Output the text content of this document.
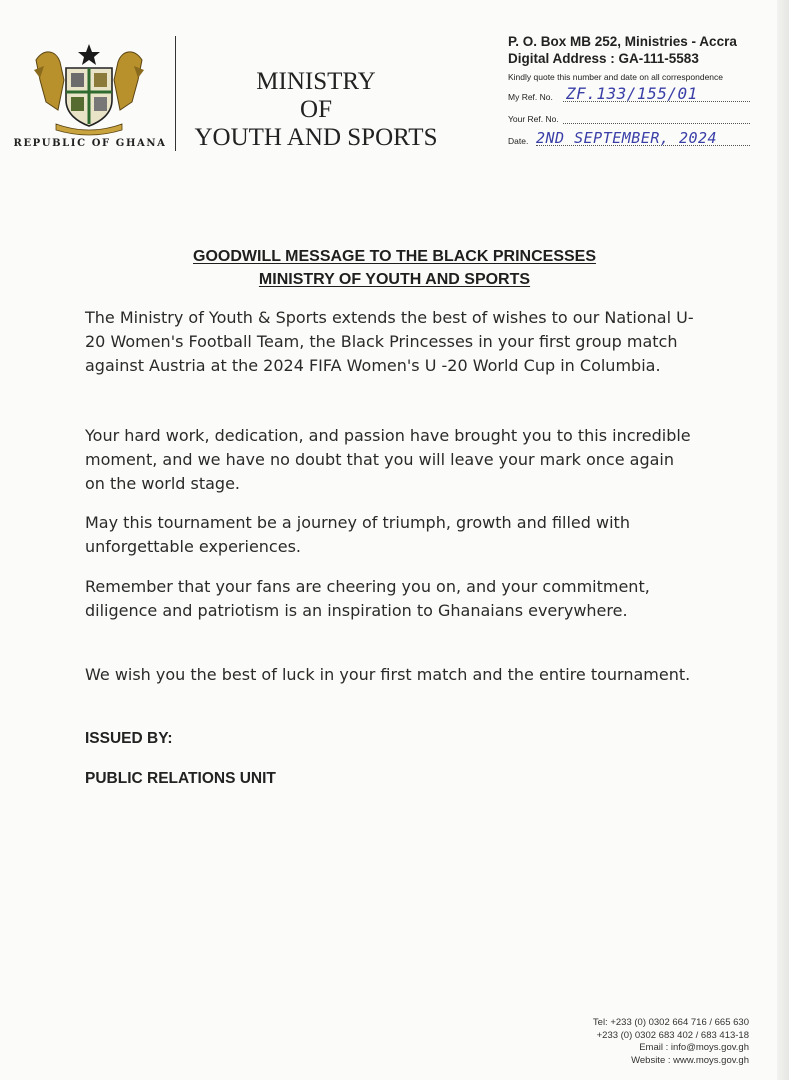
REPUBLIC OF GHANA
MINISTRY
OF
YOUTH AND SPORTS
P. O. Box MB 252, Ministries - Accra
Digital Address : GA-111-5583
Kindly quote this number and date on all correspondence
My Ref. No. ZF.133/155/01
Your Ref. No.
Date. 2ND SEPTEMBER, 2024
GOODWILL MESSAGE TO THE BLACK PRINCESSES
MINISTRY OF YOUTH AND SPORTS

The Ministry of Youth & Sports extends the best of wishes to our National U-20 Women's Football Team, the Black Princesses in your first group match against Austria at the 2024 FIFA Women's U -20 World Cup in Columbia.

Your hard work, dedication, and passion have brought you to this incredible moment, and we have no doubt that you will leave your mark once again on the world stage.

May this tournament be a journey of triumph, growth and filled with unforgettable experiences.

Remember that your fans are cheering you on, and your commitment, diligence and patriotism is an inspiration to Ghanaians everywhere.

We wish you the best of luck in your first match and the entire tournament.

ISSUED BY:
PUBLIC RELATIONS UNIT
Tel: +233 (0) 0302 664 716 / 665 630
+233 (0) 0302 683 402 / 683 413-18
Email : info@moys.gov.gh
Website : www.moys.gov.gh
